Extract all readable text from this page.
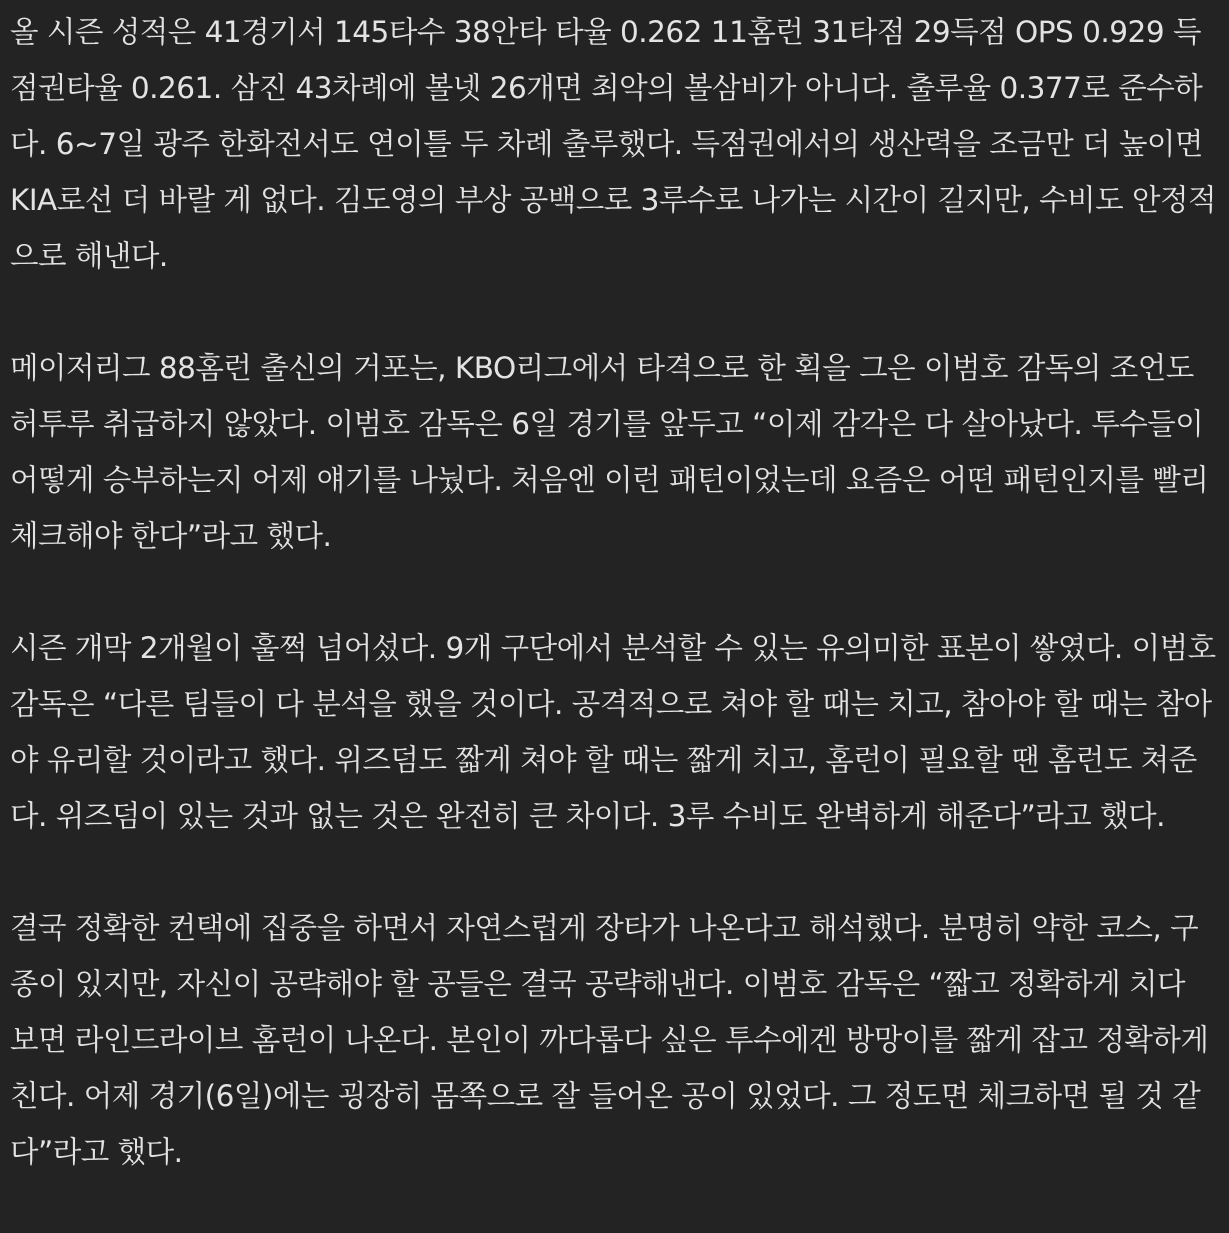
올 시즌 성적은 41경기서 145타수 38안타 타율 0.262 11홈런 31타점 29득점 OPS 0.929 득점권타율 0.261. 삼진 43차례에 볼넷 26개면 최악의 볼삼비가 아니다. 출루율 0.377로 준수하다. 6~7일 광주 한화전서도 연이틀 두 차례 출루했다. 득점권에서의 생산력을 조금만 더 높이면 KIA로선 더 바랄 게 없다. 김도영의 부상 공백으로 3루수로 나가는 시간이 길지만, 수비도 안정적으로 해낸다.

메이저리그 88홈런 출신의 거포는, KBO리그에서 타격으로 한 획을 그은 이범호 감독의 조언도 허투루 취급하지 않았다. 이범호 감독은 6일 경기를 앞두고 “이제 감각은 다 살아났다. 투수들이 어떻게 승부하는지 어제 얘기를 나눴다. 처음엔 이런 패턴이었는데 요즘은 어떤 패턴인지를 빨리 체크해야 한다”라고 했다.

시즌 개막 2개월이 훌쩍 넘어섰다. 9개 구단에서 분석할 수 있는 유의미한 표본이 쌓였다. 이범호 감독은 “다른 팀들이 다 분석을 했을 것이다. 공격적으로 쳐야 할 때는 치고, 참아야 할 때는 참아야 유리할 것이라고 했다. 위즈덤도 짧게 쳐야 할 때는 짧게 치고, 홈런이 필요할 땐 홈런도 쳐준다. 위즈덤이 있는 것과 없는 것은 완전히 큰 차이다. 3루 수비도 완벽하게 해준다”라고 했다.

결국 정확한 컨택에 집중을 하면서 자연스럽게 장타가 나온다고 해석했다. 분명히 약한 코스, 구종이 있지만, 자신이 공략해야 할 공들은 결국 공략해낸다. 이범호 감독은 “짧고 정확하게 치다 보면 라인드라이브 홈런이 나온다. 본인이 까다롭다 싶은 투수에겐 방망이를 짧게 잡고 정확하게 친다. 어제 경기(6일)에는 굉장히 몸쪽으로 잘 들어온 공이 있었다. 그 정도면 체크하면 될 것 같다”라고 했다.
